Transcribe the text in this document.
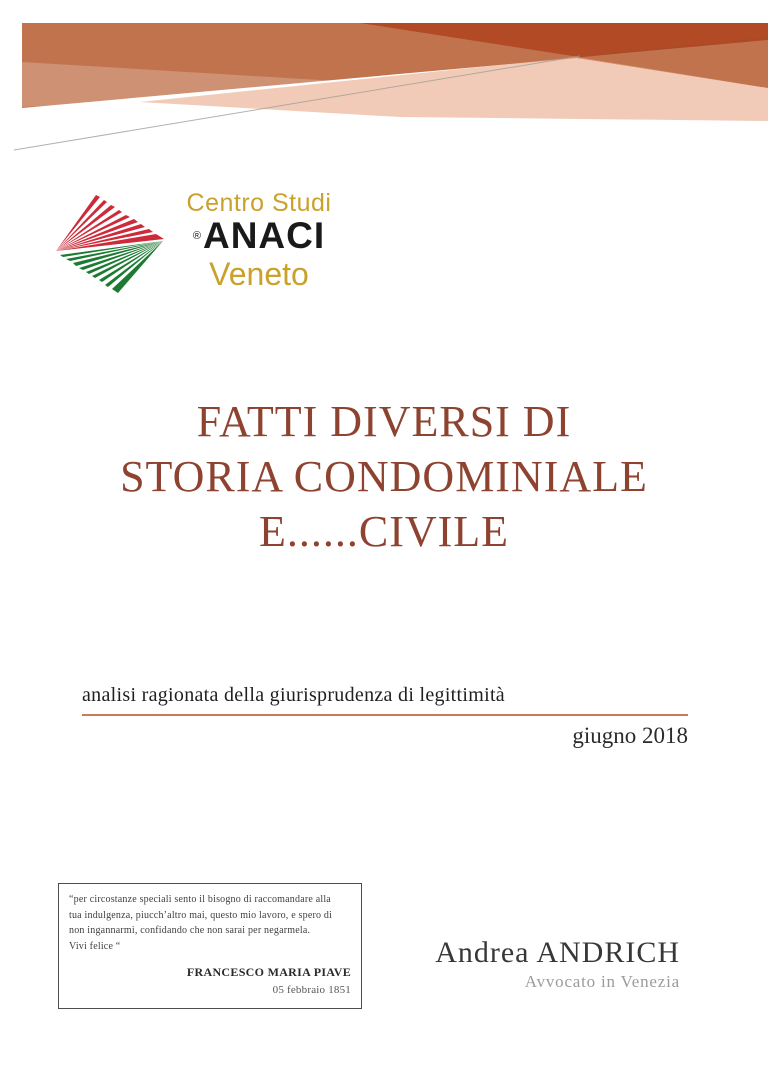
Centro Studi
®ANACI
Veneto
FATTI DIVERSI DI
STORIA CONDOMINIALE
E......CIVILE
analisi ragionata della giurisprudenza di legittimità
giugno 2018
“per circostanze speciali sento il bisogno di raccomandare alla
tua indulgenza, piucch’altro mai, questo mio lavoro, e spero di
non ingannarmi, confidando che non sarai per negarmela.
Vivi felice “
FRANCESCO MARIA PIAVE
05 febbraio 1851
Andrea ANDRICH
Avvocato in Venezia
